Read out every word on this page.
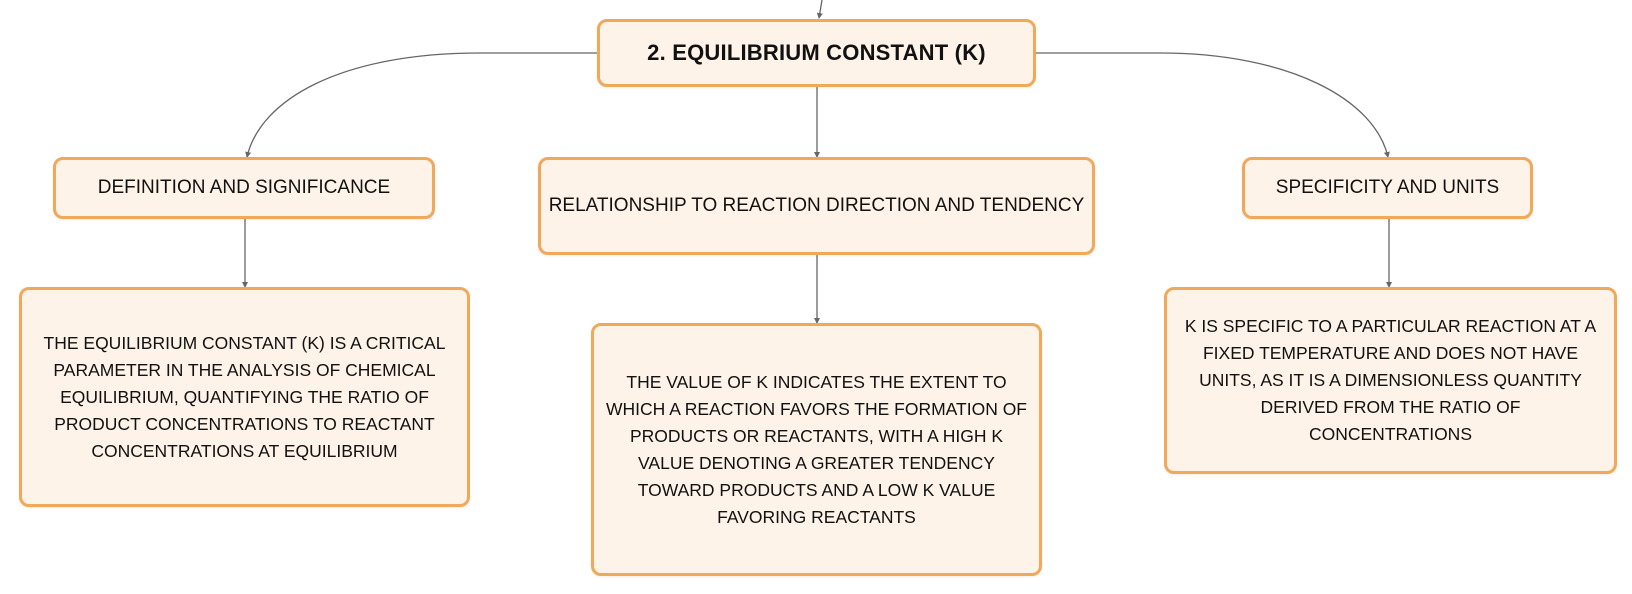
2. EQUILIBRIUM CONSTANT (K)
DEFINITION AND SIGNIFICANCE
RELATIONSHIP TO REACTION DIRECTION AND TENDENCY
SPECIFICITY AND UNITS
THE EQUILIBRIUM CONSTANT (K) IS A CRITICAL PARAMETER IN THE ANALYSIS OF CHEMICAL EQUILIBRIUM, QUANTIFYING THE RATIO OF PRODUCT CONCENTRATIONS TO REACTANT CONCENTRATIONS AT EQUILIBRIUM
THE VALUE OF K INDICATES THE EXTENT TO WHICH A REACTION FAVORS THE FORMATION OF PRODUCTS OR REACTANTS, WITH A HIGH K VALUE DENOTING A GREATER TENDENCY TOWARD PRODUCTS AND A LOW K VALUE FAVORING REACTANTS
K IS SPECIFIC TO A PARTICULAR REACTION AT A FIXED TEMPERATURE AND DOES NOT HAVE UNITS, AS IT IS A DIMENSIONLESS QUANTITY DERIVED FROM THE RATIO OF CONCENTRATIONS
